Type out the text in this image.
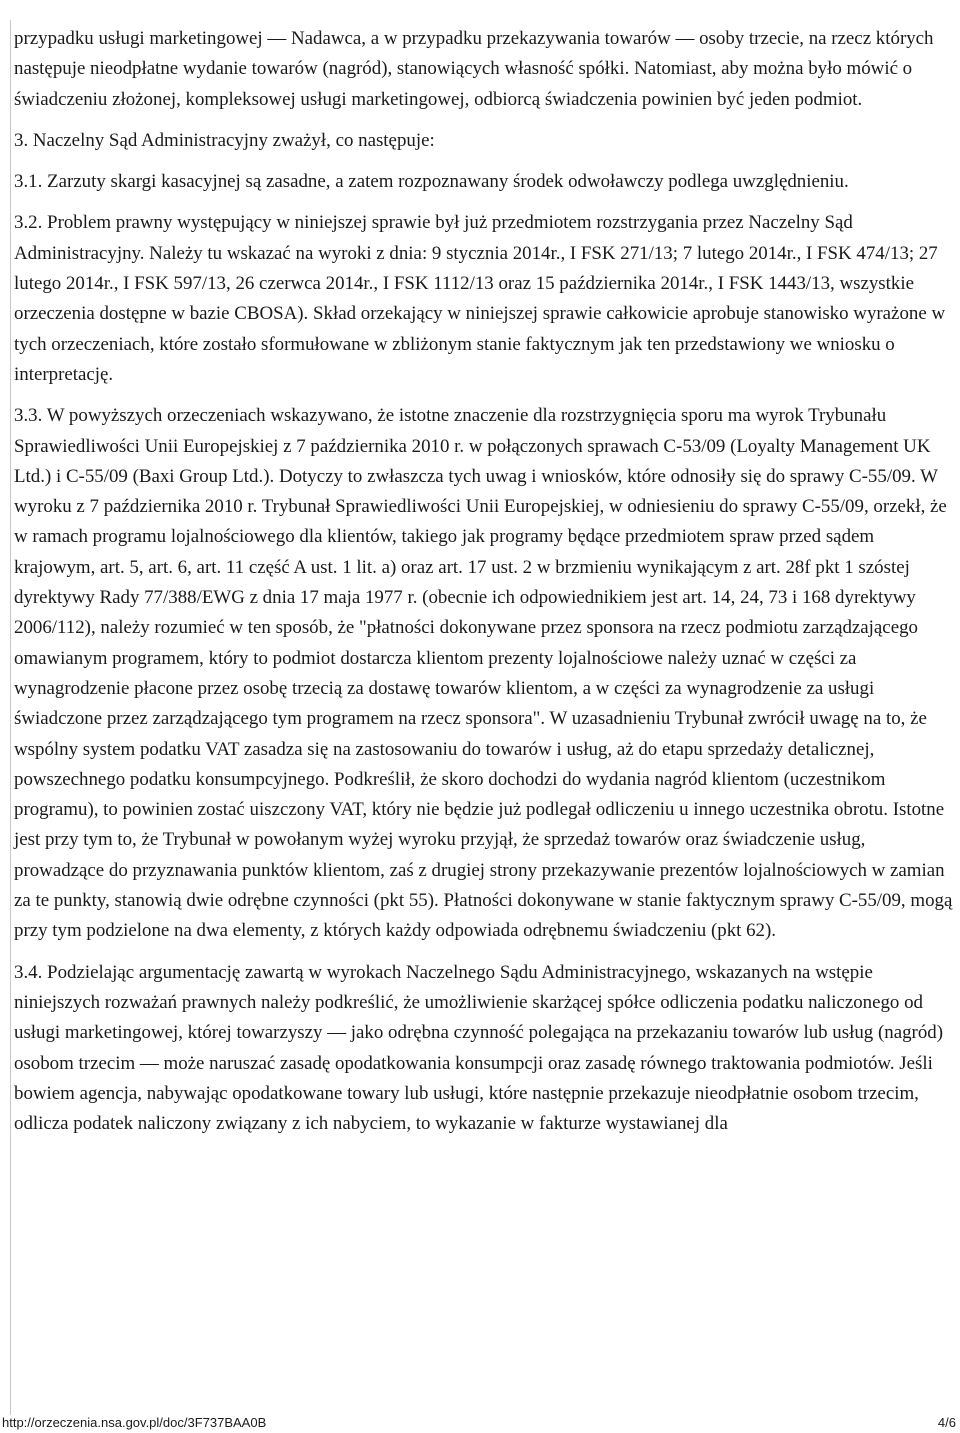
22.12.2014	I FSK 1652/13 - Wyrok NSA z 2014-11-05

przypadku usługi marketingowej — Nadawca, a w przypadku przekazywania towarów — osoby trzecie, na rzecz których następuje nieodpłatne wydanie towarów (nagród), stanowiących własność spółki. Natomiast, aby można było mówić o świadczeniu złożonej, kompleksowej usługi marketingowej, odbiorcą świadczenia powinien być jeden podmiot.

3. Naczelny Sąd Administracyjny zważył, co następuje:

3.1. Zarzuty skargi kasacyjnej są zasadne, a zatem rozpoznawany środek odwoławczy podlega uwzględnieniu.

3.2. Problem prawny występujący w niniejszej sprawie był już przedmiotem rozstrzygania przez Naczelny Sąd Administracyjny. Należy tu wskazać na wyroki z dnia: 9 stycznia 2014r., I FSK 271/13; 7 lutego 2014r., I FSK 474/13; 27 lutego 2014r., I FSK 597/13, 26 czerwca 2014r., I FSK 1112/13 oraz 15 października 2014r., I FSK 1443/13, wszystkie orzeczenia dostępne w bazie CBOSA). Skład orzekający w niniejszej sprawie całkowicie aprobuje stanowisko wyrażone w tych orzeczeniach, które zostało sformułowane w zbliżonym stanie faktycznym jak ten przedstawiony we wniosku o interpretację.

3.3. W powyższych orzeczeniach wskazywano, że istotne znaczenie dla rozstrzygnięcia sporu ma wyrok Trybunału Sprawiedliwości Unii Europejskiej z 7 października 2010 r. w połączonych sprawach C-53/09 (Loyalty Management UK Ltd.) i C-55/09 (Baxi Group Ltd.). Dotyczy to zwłaszcza tych uwag i wniosków, które odnosiły się do sprawy C-55/09. W wyroku z 7 października 2010 r. Trybunał Sprawiedliwości Unii Europejskiej, w odniesieniu do sprawy C-55/09, orzekł, że w ramach programu lojalnościowego dla klientów, takiego jak programy będące przedmiotem spraw przed sądem krajowym, art. 5, art. 6, art. 11 część A ust. 1 lit. a) oraz art. 17 ust. 2 w brzmieniu wynikającym z art. 28f pkt 1 szóstej dyrektywy Rady 77/388/EWG z dnia 17 maja 1977 r. (obecnie ich odpowiednikiem jest art. 14, 24, 73 i 168 dyrektywy 2006/112), należy rozumieć w ten sposób, że "płatności dokonywane przez sponsora na rzecz podmiotu zarządzającego omawianym programem, który to podmiot dostarcza klientom prezenty lojalnościowe należy uznać w części za wynagrodzenie płacone przez osobę trzecią za dostawę towarów klientom, a w części za wynagrodzenie za usługi świadczone przez zarządzającego tym programem na rzecz sponsora". W uzasadnieniu Trybunał zwrócił uwagę na to, że wspólny system podatku VAT zasadza się na zastosowaniu do towarów i usług, aż do etapu sprzedaży detalicznej, powszechnego podatku konsumpcyjnego. Podkreślił, że skoro dochodzi do wydania nagród klientom (uczestnikom programu), to powinien zostać uiszczony VAT, który nie będzie już podlegał odliczeniu u innego uczestnika obrotu. Istotne jest przy tym to, że Trybunał w powołanym wyżej wyroku przyjął, że sprzedaż towarów oraz świadczenie usług, prowadzące do przyznawania punktów klientom, zaś z drugiej strony przekazywanie prezentów lojalnościowych w zamian za te punkty, stanowią dwie odrębne czynności (pkt 55). Płatności dokonywane w stanie faktycznym sprawy C-55/09, mogą przy tym podzielone na dwa elementy, z których każdy odpowiada odrębnemu świadczeniu (pkt 62).

3.4. Podzielając argumentację zawartą w wyrokach Naczelnego Sądu Administracyjnego, wskazanych na wstępie niniejszych rozważań prawnych należy podkreślić, że umożliwienie skarżącej spółce odliczenia podatku naliczonego od usługi marketingowej, której towarzyszy — jako odrębna czynność polegająca na przekazaniu towarów lub usług (nagród) osobom trzecim — może naruszać zasadę opodatkowania konsumpcji oraz zasadę równego traktowania podmiotów. Jeśli bowiem agencja, nabywając opodatkowane towary lub usługi, które następnie przekazuje nieodpłatnie osobom trzecim, odlicza podatek naliczony związany z ich nabyciem, to wykazanie w fakturze wystawianej dla

http://orzeczenia.nsa.gov.pl/doc/3F737BAA0B	4/6
